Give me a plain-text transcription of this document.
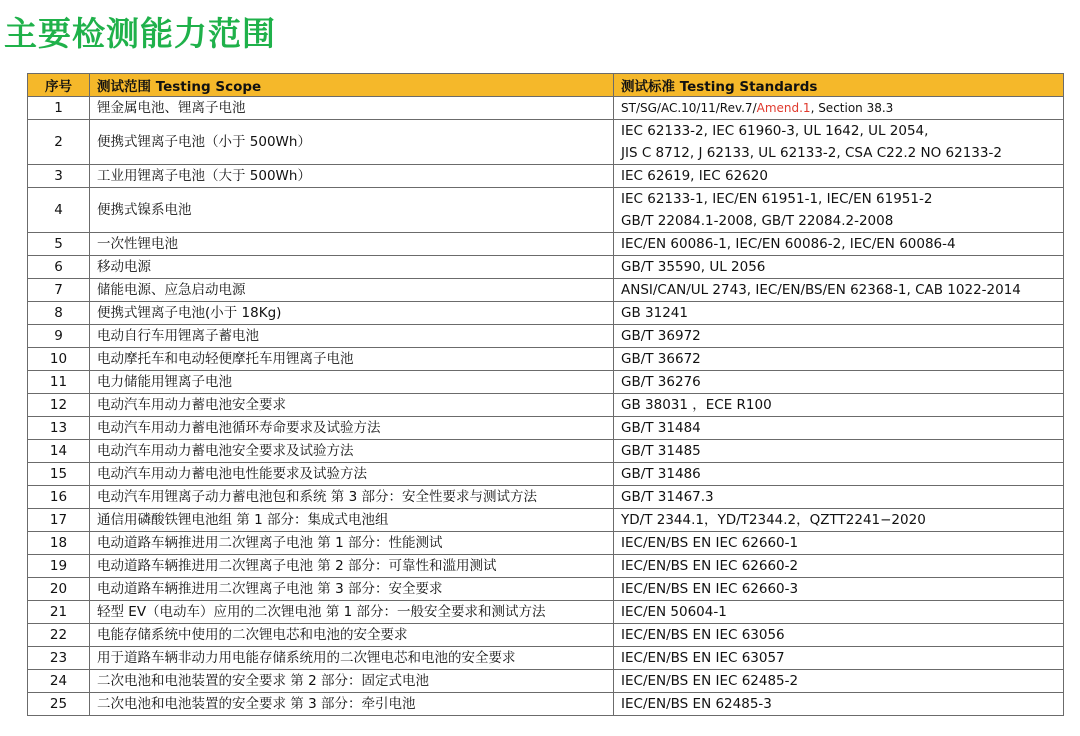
主要检测能力范围
序号	测试范围 Testing Scope	测试标准 Testing Standards
1	锂金属电池、锂离子电池	ST/SG/AC.10/11/Rev.7/Amend.1, Section 38.3
2	便携式锂离子电池（小于 500Wh）	IEC 62133-2, IEC 61960-3, UL 1642, UL 2054,
JIS C 8712, J 62133, UL 62133-2, CSA C22.2 NO 62133-2

3	工业用锂离子电池（大于 500Wh）	IEC 62619, IEC 62620

4	便携式镍系电池	IEC 62133-1, IEC/EN 61951-1, IEC/EN 61951-2
GB/T 22084.1-2008, GB/T 22084.2-2008

5	一次性锂电池	IEC/EN 60086-1, IEC/EN 60086-2, IEC/EN 60086-4

6	移动电源	GB/T 35590, UL 2056

7	储能电源、应急启动电源	ANSI/CAN/UL 2743, IEC/EN/BS/EN 62368-1, CAB 1022-2014

8	便携式锂离子电池(小于 18Kg)	GB 31241

9	电动自行车用锂离子蓄电池	GB/T 36972

10	电动摩托车和电动轻便摩托车用锂离子电池	GB/T 36672

11	电力储能用锂离子电池	GB/T 36276

12	电动汽车用动力蓄电池安全要求	GB 38031 ，ECE R100

13	电动汽车用动力蓄电池循环寿命要求及试验方法	GB/T 31484

14	电动汽车用动力蓄电池安全要求及试验方法	GB/T 31485

15	电动汽车用动力蓄电池电性能要求及试验方法	GB/T 31486

16	电动汽车用锂离子动力蓄电池包和系统 第 3 部分：安全性要求与测试方法	GB/T 31467.3

17	通信用磷酸铁锂电池组 第 1 部分：集成式电池组	YD/T 2344.1，YD/T2344.2，QZTT2241−2020

18	电动道路车辆推进用二次锂离子电池 第 1 部分：性能测试	IEC/EN/BS EN IEC 62660-1

19	电动道路车辆推进用二次锂离子电池 第 2 部分：可靠性和滥用测试	IEC/EN/BS EN IEC 62660-2

20	电动道路车辆推进用二次锂离子电池 第 3 部分：安全要求	IEC/EN/BS EN IEC 62660-3

21	轻型 EV（电动车）应用的二次锂电池 第 1 部分：一般安全要求和测试方法	IEC/EN 50604-1

22	电能存储系统中使用的二次锂电芯和电池的安全要求	IEC/EN/BS EN IEC 63056

23	用于道路车辆非动力用电能存储系统用的二次锂电芯和电池的安全要求	IEC/EN/BS EN IEC 63057

24	二次电池和电池装置的安全要求 第 2 部分：固定式电池	IEC/EN/BS EN IEC 62485-2

25	二次电池和电池装置的安全要求 第 3 部分：牵引电池	IEC/EN/BS EN 62485-3
